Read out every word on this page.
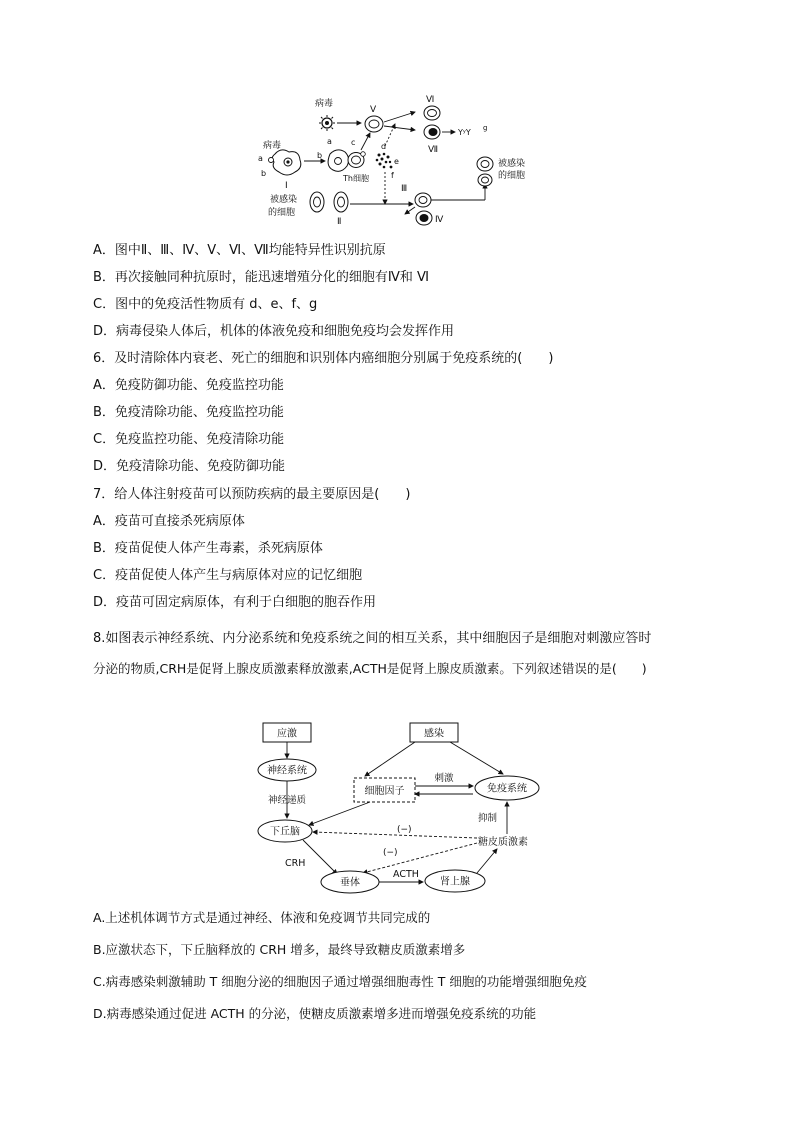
病毒
Ⅴ
Ⅵ
Ⅶ
YʸY g
病毒
a
b
Ⅰ
b
a c
Th细胞
d
e
f
被感染
的细胞
Ⅱ
Ⅲ
Ⅳ
被感染
的细胞
A．图中Ⅱ、Ⅲ、Ⅳ、Ⅴ、Ⅵ、Ⅶ均能特异性识别抗原
B．再次接触同种抗原时，能迅速增殖分化的细胞有Ⅳ和 Ⅵ
C．图中的免疫活性物质有 d、e、f、g
D．病毒侵染人体后，机体的体液免疫和细胞免疫均会发挥作用
6．及时清除体内衰老、死亡的细胞和识别体内癌细胞分别属于免疫系统的(　　)
A．免疫防御功能、免疫监控功能
B．免疫清除功能、免疫监控功能
C．免疫监控功能、免疫清除功能
D．免疫清除功能、免疫防御功能
7．给人体注射疫苗可以预防疾病的最主要原因是(　　)
A．疫苗可直接杀死病原体
B．疫苗促使人体产生毒素，杀死病原体
C．疫苗促使人体产生与病原体对应的记忆细胞
D．疫苗可固定病原体，有利于白细胞的胞吞作用
8.如图表示神经系统、内分泌系统和免疫系统之间的相互关系，其中细胞因子是细胞对刺激应答时
分泌的物质,CRH是促肾上腺皮质激素释放激素,ACTH是促肾上腺皮质激素。下列叙述错误的是(　　)
应激
神经系统
神经递质
下丘脑
感染
细胞因子
刺激
免疫系统
抑制
糖皮质激素
(−)
(−)
CRH
垂体
ACTH
肾上腺
A.上述机体调节方式是通过神经、体液和免疫调节共同完成的
B.应激状态下，下丘脑释放的 CRH 增多，最终导致糖皮质激素增多
C.病毒感染刺激辅助 T 细胞分泌的细胞因子通过增强细胞毒性 T 细胞的功能增强细胞免疫
D.病毒感染通过促进 ACTH 的分泌，使糖皮质激素增多进而增强免疫系统的功能
